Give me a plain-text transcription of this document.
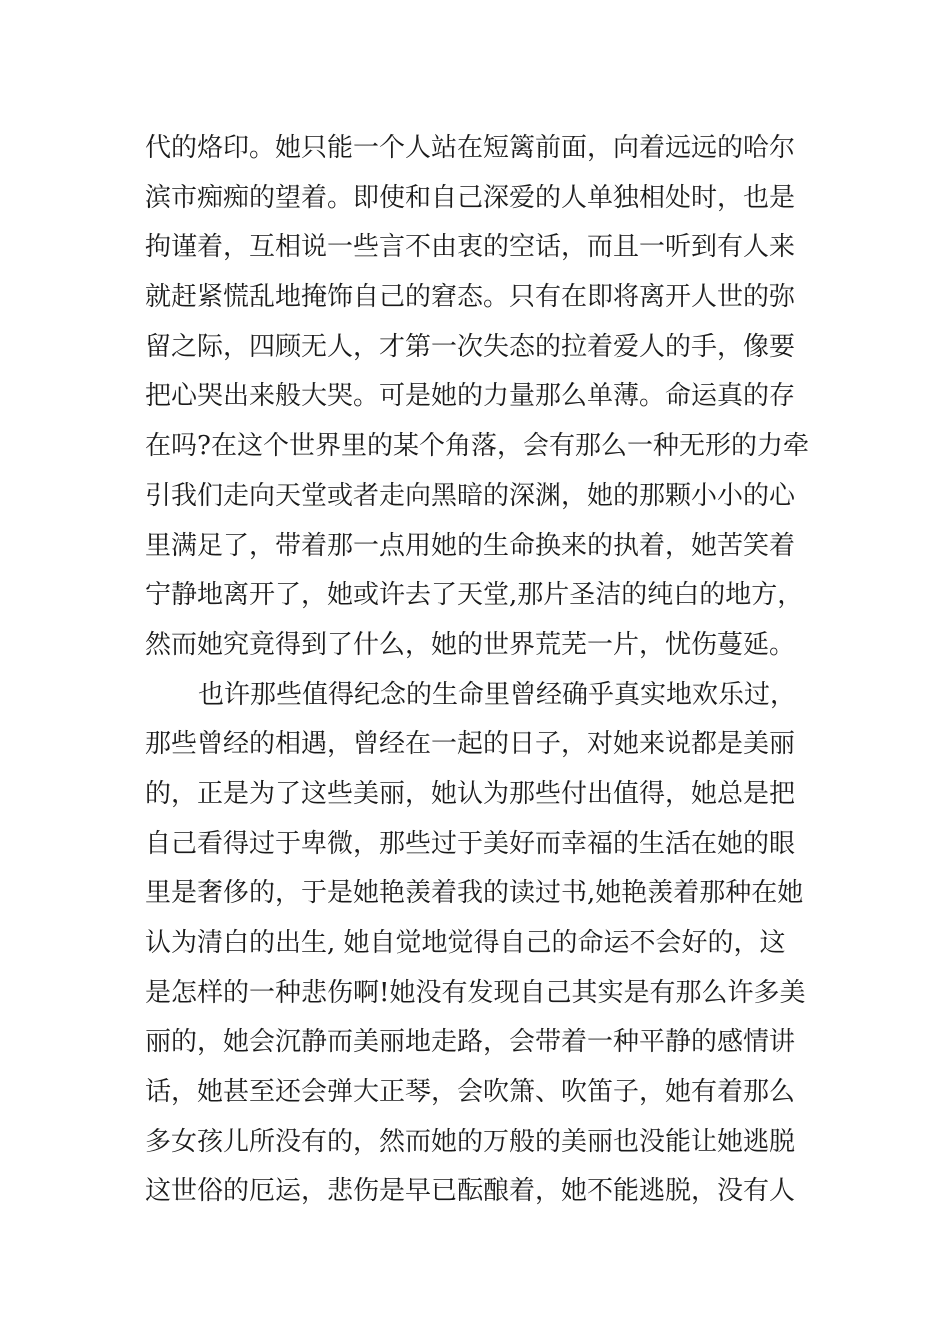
代的烙印。她只能一个人站在短篱前面，向着远远的哈尔
滨市痴痴的望着。即使和自己深爱的人单独相处时，也是
拘谨着，互相说一些言不由衷的空话，而且一听到有人来
就赶紧慌乱地掩饰自己的窘态。只有在即将离开人世的弥
留之际，四顾无人，才第一次失态的拉着爱人的手，像要
把心哭出来般大哭。可是她的力量那么单薄。命运真的存
在吗?在这个世界里的某个角落，会有那么一种无形的力牵
引我们走向天堂或者走向黑暗的深渊，她的那颗小小的心
里满足了，带着那一点用她的生命换来的执着，她苦笑着
宁静地离开了，她或许去了天堂,那片圣洁的纯白的地方，
然而她究竟得到了什么，她的世界荒芜一片，忧伤蔓延。
也许那些值得纪念的生命里曾经确乎真实地欢乐过，
那些曾经的相遇，曾经在一起的日子，对她来说都是美丽
的，正是为了这些美丽，她认为那些付出值得，她总是把
自己看得过于卑微，那些过于美好而幸福的生活在她的眼
里是奢侈的，于是她艳羡着我的读过书,她艳羡着那种在她
认为清白的出生, 她自觉地觉得自己的命运不会好的，这
是怎样的一种悲伤啊!她没有发现自己其实是有那么许多美
丽的，她会沉静而美丽地走路，会带着一种平静的感情讲
话，她甚至还会弹大正琴，会吹箫、吹笛子，她有着那么
多女孩儿所没有的，然而她的万般的美丽也没能让她逃脱
这世俗的厄运，悲伤是早已酝酿着，她不能逃脱，没有人
